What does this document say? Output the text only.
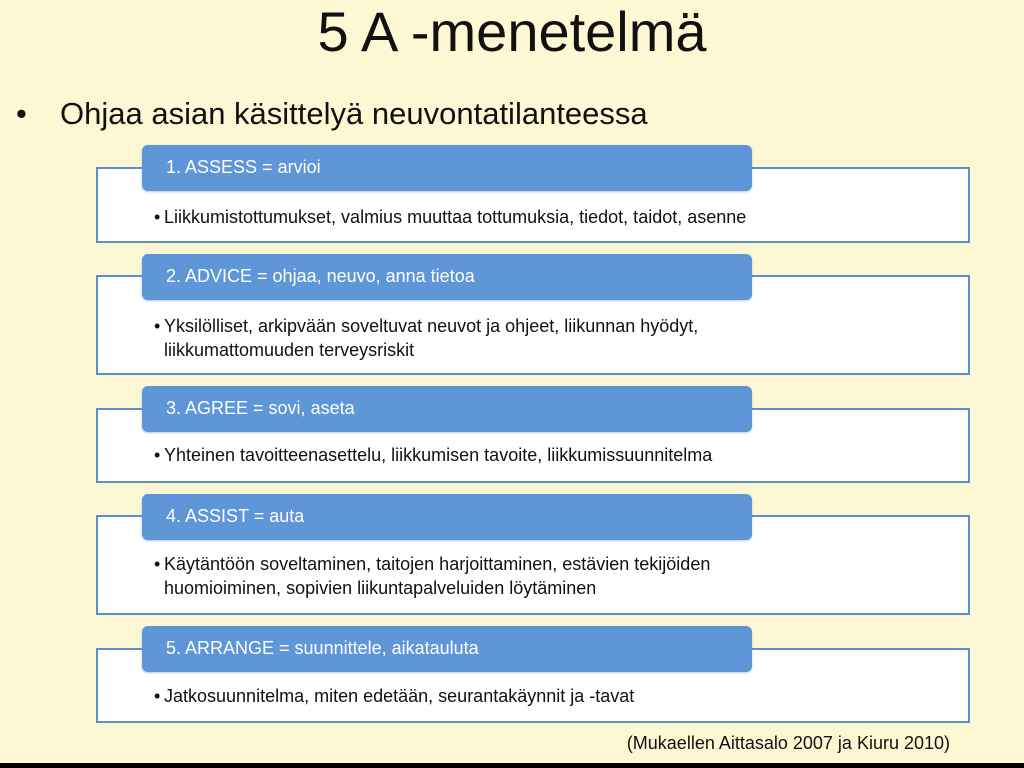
5 A -menetelmä
• Ohjaa asian käsittelyä neuvontatilanteessa
• Liikkumistottumukset, valmius muuttaa tottumuksia, tiedot, taidot, asenne
1. ASSESS = arvioi
• Yksilölliset, arkipvään soveltuvat neuvot ja ohjeet, liikunnan hyödyt,
liikkumattomuuden terveysriskit
2. ADVICE = ohjaa, neuvo, anna tietoa
• Yhteinen tavoitteenasettelu, liikkumisen tavoite, liikkumissuunnitelma
3. AGREE = sovi, aseta
• Käytäntöön soveltaminen, taitojen harjoittaminen, estävien tekijöiden
huomioiminen, sopivien liikuntapalveluiden löytäminen
4. ASSIST = auta
• Jatkosuunnitelma, miten edetään, seurantakäynnit ja -tavat
5. ARRANGE = suunnittele, aikatauluta
(Mukaellen Aittasalo 2007 ja Kiuru 2010)
